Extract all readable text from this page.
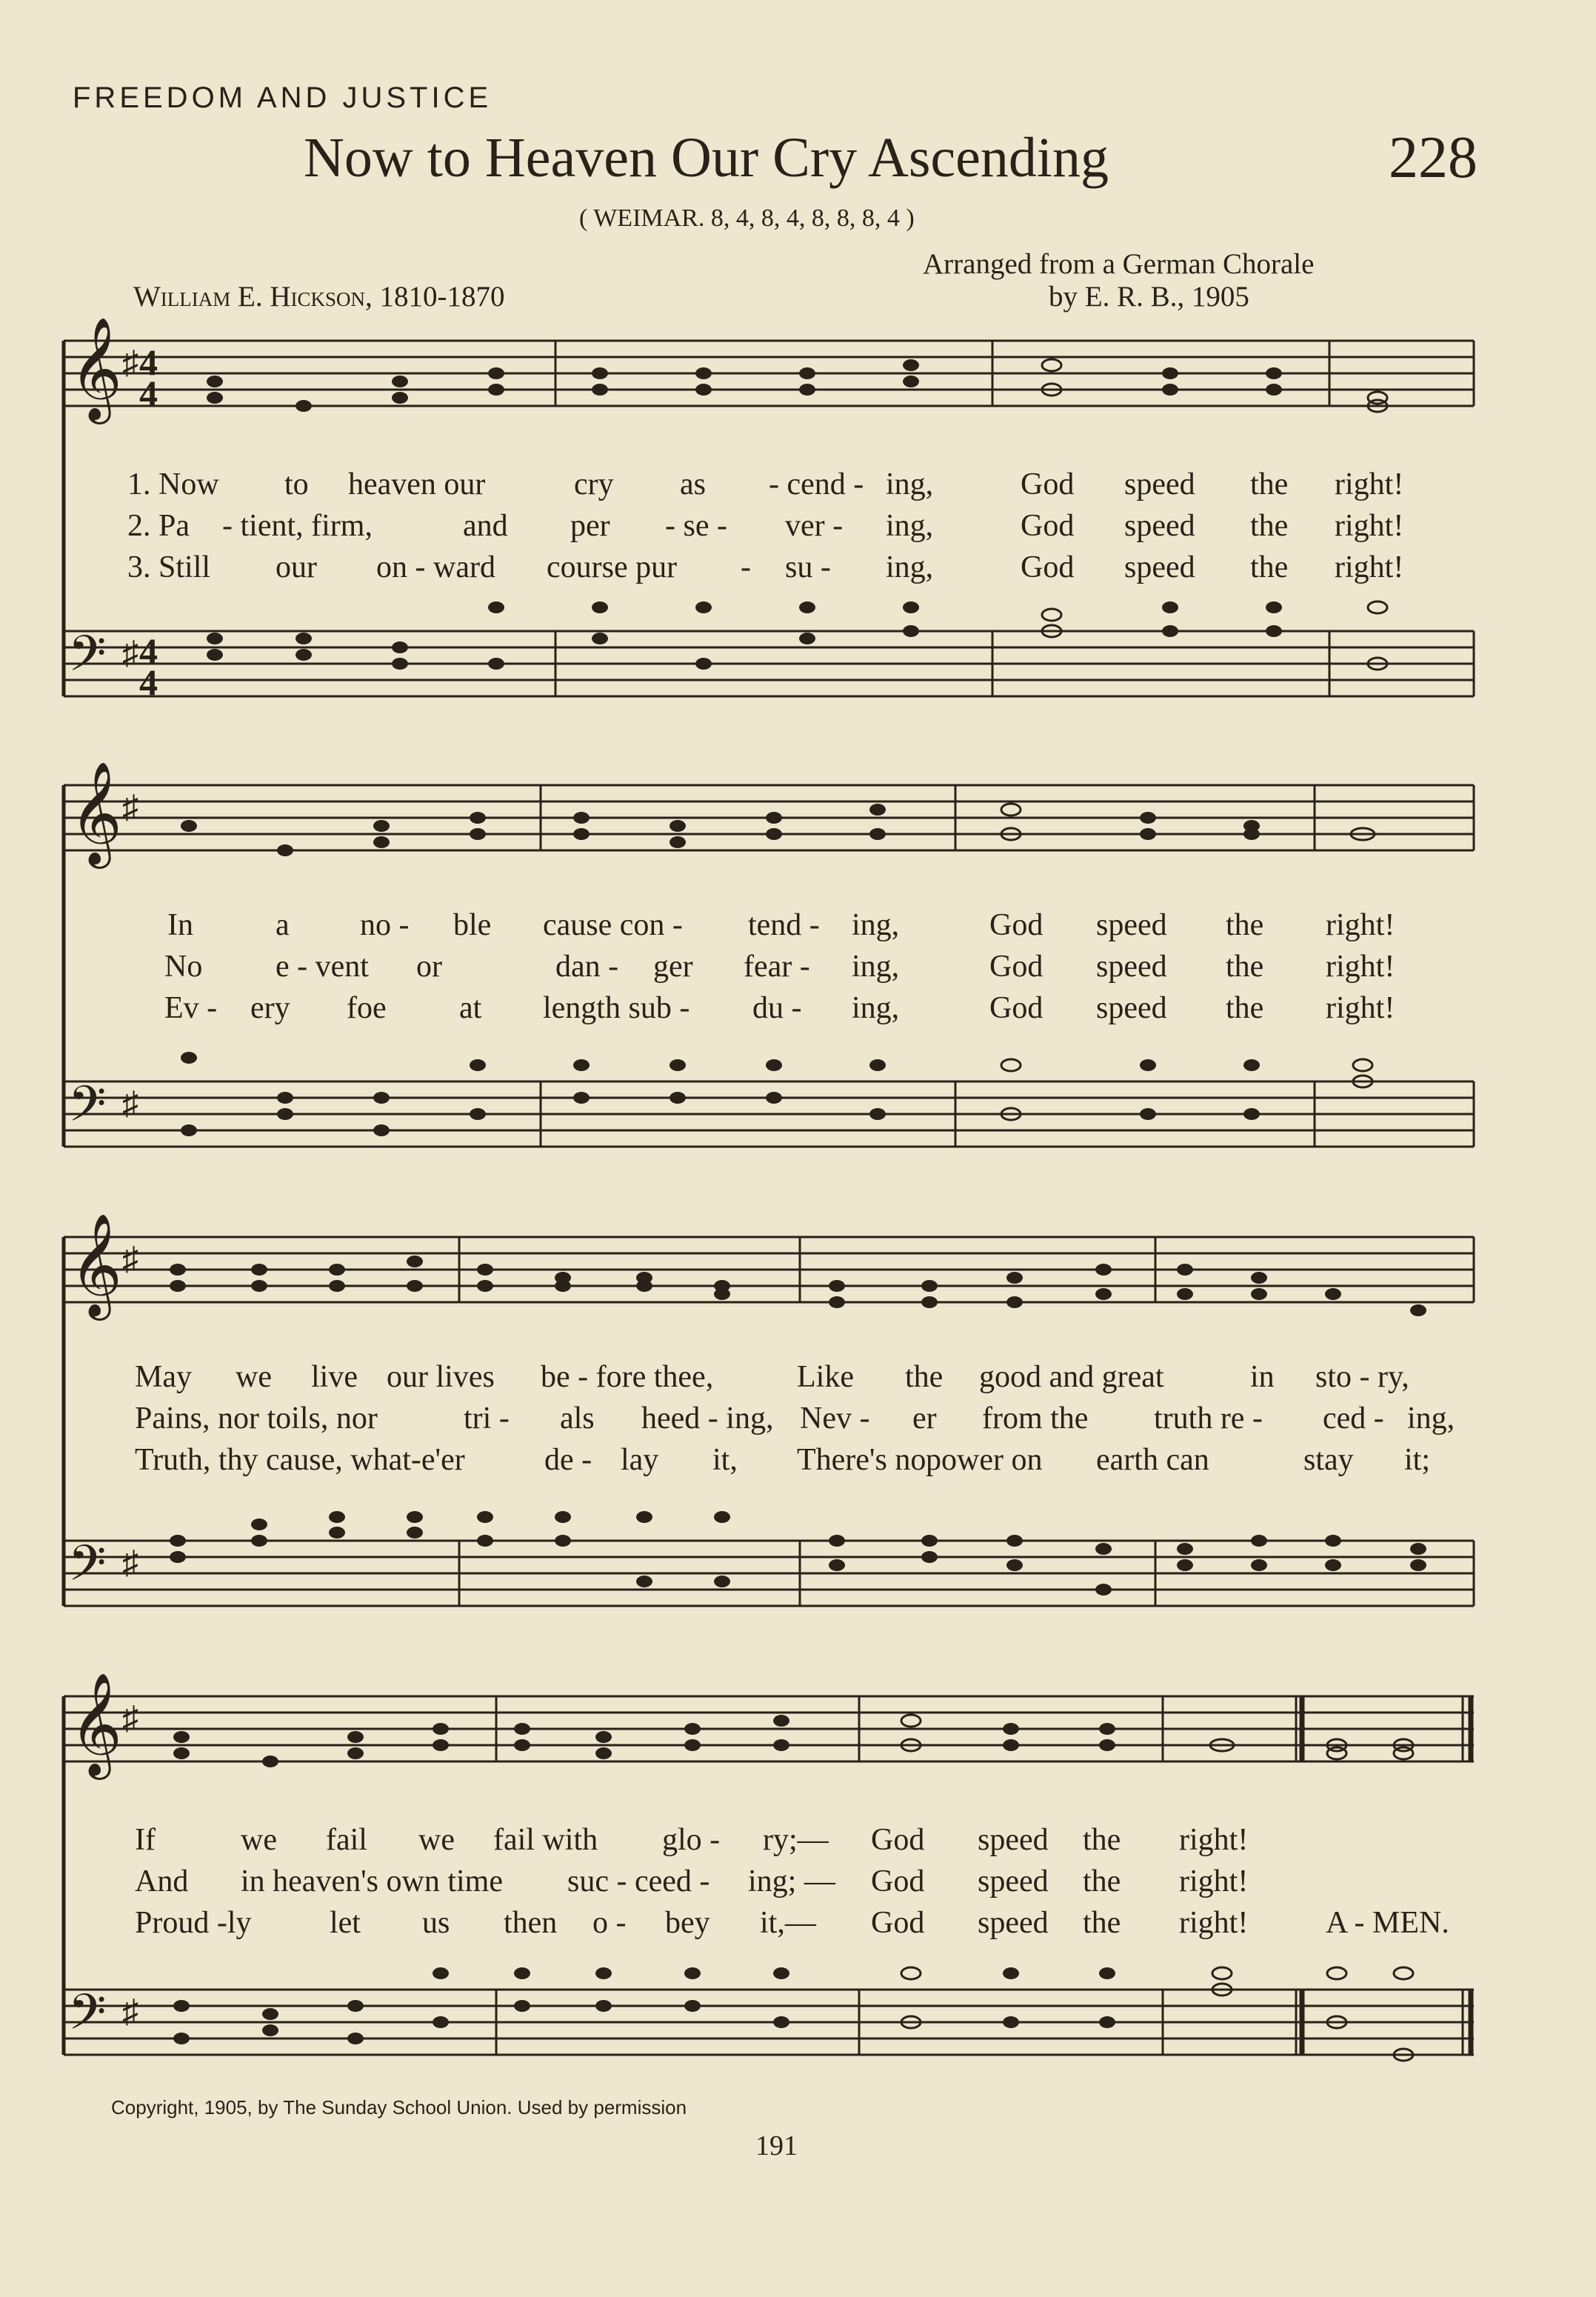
FREEDOM AND JUSTICE
Now to Heaven Our Cry Ascending	228
( WEIMAR. 8, 4, 8, 4, 8, 8, 8, 4 )
Arranged from a German Chorale
William E. Hickson, 1810-1870	by E. R. B., 1905
𝄞
𝄢
♯
♯
4
4
4
4
1. Now to heaven our	cry as - cend - ing,	God speed the right!
2. Pa - tient, firm,	and per - se - ver - ing,	God speed the right!
3. Still our on - ward course pur - su - ing,	God speed the right!
𝄞
𝄢
♯
♯
In	a no - ble cause con - tend - ing,	God speed the right!
No e - vent or	dan - ger fear - ing,	God speed the right!
Ev - ery foe at length sub - du - ing,	God speed the right!
𝄞
𝄢
♯
♯
May we live our lives be - fore thee,	Like the good and great	in sto - ry,
Pains, nor toils, nor	tri - als heed - ing, Nev - er from the truth re - ced - ing,
Truth, thy cause, what-e'er	de - lay it, There's no power on earth can	stay it;
𝄞
𝄢
♯
♯
If	we fail we fail with glo - ry;— God speed the right!
And in heaven's own time suc - ceed - ing; — God speed the right!
Proud -ly	let us then o - bey it,— God speed the right! A - MEN.
Copyright, 1905, by The Sunday School Union. Used by permission
191
